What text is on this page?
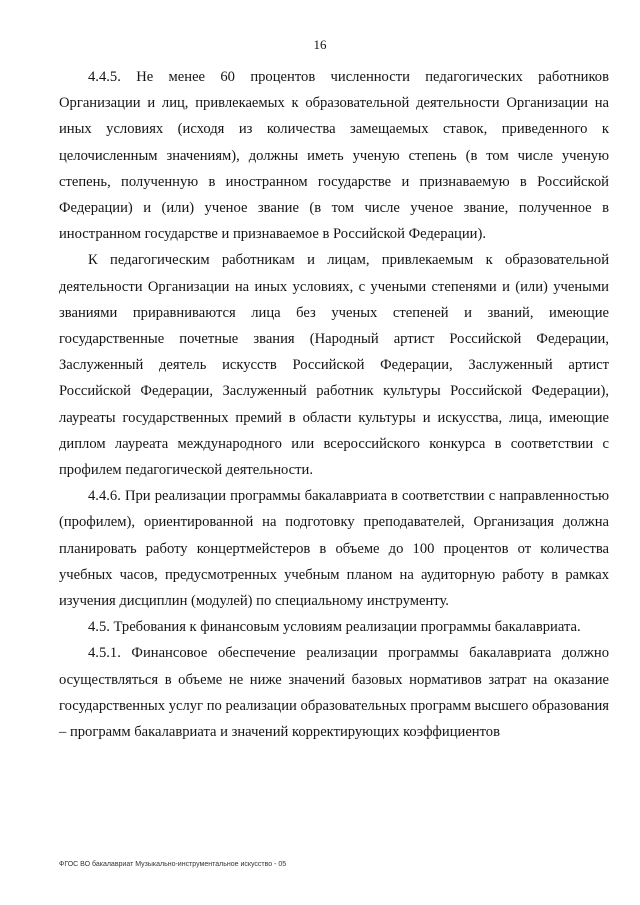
16

4.4.5. Не менее 60 процентов численности педагогических работников Организации и лиц, привлекаемых к образовательной деятельности Организации на иных условиях (исходя из количества замещаемых ставок, приведенного к целочисленным значениям), должны иметь ученую степень (в том числе ученую степень, полученную в иностранном государстве и признаваемую в Российской Федерации) и (или) ученое звание (в том числе ученое звание, полученное в иностранном государстве и признаваемое в Российской Федерации).

К педагогическим работникам и лицам, привлекаемым к образовательной деятельности Организации на иных условиях, с учеными степенями и (или) учеными званиями приравниваются лица без ученых степеней и званий, имеющие государственные почетные звания (Народный артист Российской Федерации, Заслуженный деятель искусств Российской Федерации, Заслуженный артист Российской Федерации, Заслуженный работник культуры Российской Федерации), лауреаты государственных премий в области культуры и искусства, лица, имеющие диплом лауреата международного или всероссийского конкурса в соответствии с профилем педагогической деятельности.

4.4.6. При реализации программы бакалавриата в соответствии с направленностью (профилем), ориентированной на подготовку преподавателей, Организация должна планировать работу концертмейстеров в объеме до 100 процентов от количества учебных часов, предусмотренных учебным планом на аудиторную работу в рамках изучения дисциплин (модулей) по специальному инструменту.

4.5. Требования к финансовым условиям реализации программы бакалавриата.

4.5.1. Финансовое обеспечение реализации программы бакалавриата должно осуществляться в объеме не ниже значений базовых нормативов затрат на оказание государственных услуг по реализации образовательных программ высшего образования – программ бакалавриата и значений корректирующих коэффициентов

ФГОС ВО бакалавриат Музыкально-инструментальное искусство - 05
